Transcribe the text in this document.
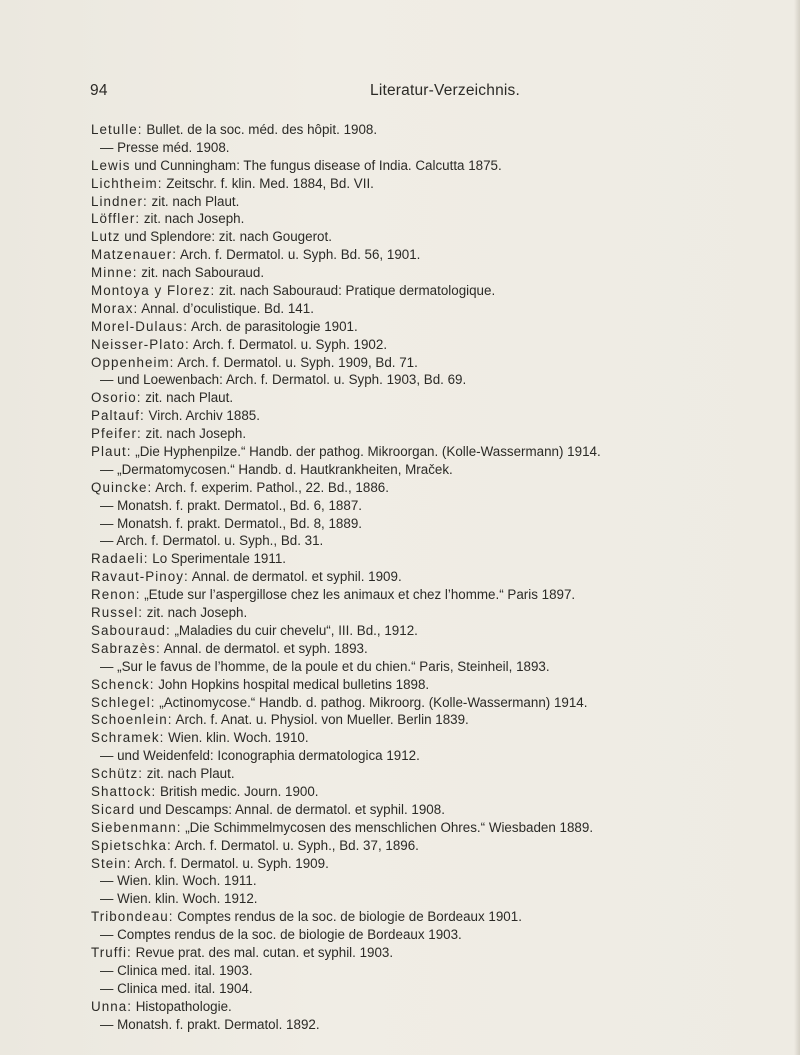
94	Literatur-Verzeichnis.
Letulle: Bullet. de la soc. méd. des hôpit. 1908.
— Presse méd. 1908.
Lewis und Cunningham: The fungus disease of India. Calcutta 1875.
Lichtheim: Zeitschr. f. klin. Med. 1884, Bd. VII.
Lindner: zit. nach Plaut.
Löffler: zit. nach Joseph.
Lutz und Splendore: zit. nach Gougerot.
Matzenauer: Arch. f. Dermatol. u. Syph. Bd. 56, 1901.
Minne: zit. nach Sabouraud.
Montoya y Florez: zit. nach Sabouraud: Pratique dermatologique.
Morax: Annal. d’oculistique. Bd. 141.
Morel-Dulaus: Arch. de parasitologie 1901.
Neisser-Plato: Arch. f. Dermatol. u. Syph. 1902.
Oppenheim: Arch. f. Dermatol. u. Syph. 1909, Bd. 71.
— und Loewenbach: Arch. f. Dermatol. u. Syph. 1903, Bd. 69.
Osorio: zit. nach Plaut.
Paltauf: Virch. Archiv 1885.
Pfeifer: zit. nach Joseph.
Plaut: „Die Hyphenpilze.“ Handb. der pathog. Mikroorgan. (Kolle-Wassermann) 1914.
— „Dermatomycosen.“ Handb. d. Hautkrankheiten, Mraček.
Quincke: Arch. f. experim. Pathol., 22. Bd., 1886.
— Monatsh. f. prakt. Dermatol., Bd. 6, 1887.
— Monatsh. f. prakt. Dermatol., Bd. 8, 1889.
— Arch. f. Dermatol. u. Syph., Bd. 31.
Radaeli: Lo Sperimentale 1911.
Ravaut-Pinoy: Annal. de dermatol. et syphil. 1909.
Renon: „Etude sur l’aspergillose chez les animaux et chez l’homme.“ Paris 1897.
Russel: zit. nach Joseph.
Sabouraud: „Maladies du cuir chevelu“, III. Bd., 1912.
Sabrazès: Annal. de dermatol. et syph. 1893.
— „Sur le favus de l’homme, de la poule et du chien.“ Paris, Steinheil, 1893.
Schenck: John Hopkins hospital medical bulletins 1898.
Schlegel: „Actinomycose.“ Handb. d. pathog. Mikroorg. (Kolle-Wassermann) 1914.
Schoenlein: Arch. f. Anat. u. Physiol. von Mueller. Berlin 1839.
Schramek: Wien. klin. Woch. 1910.
— und Weidenfeld: Iconographia dermatologica 1912.
Schütz: zit. nach Plaut.
Shattock: British medic. Journ. 1900.
Sicard und Descamps: Annal. de dermatol. et syphil. 1908.
Siebenmann: „Die Schimmelmycosen des menschlichen Ohres.“ Wiesbaden 1889.
Spietschka: Arch. f. Dermatol. u. Syph., Bd. 37, 1896.
Stein: Arch. f. Dermatol. u. Syph. 1909.
— Wien. klin. Woch. 1911.
— Wien. klin. Woch. 1912.
Tribondeau: Comptes rendus de la soc. de biologie de Bordeaux 1901.
— Comptes rendus de la soc. de biologie de Bordeaux 1903.
Truffi: Revue prat. des mal. cutan. et syphil. 1903.
— Clinica med. ital. 1903.
— Clinica med. ital. 1904.
Unna: Histopathologie.
— Monatsh. f. prakt. Dermatol. 1892.
